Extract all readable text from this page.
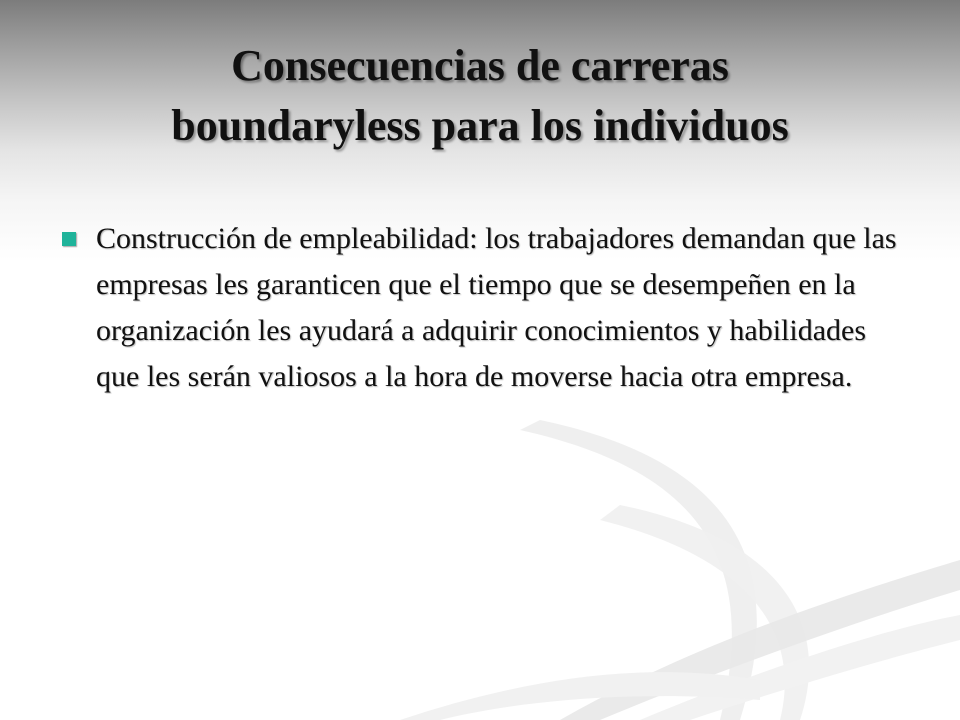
Consecuencias de carreras
boundaryless para los individuos
Construcción de empleabilidad: los trabajadores demandan que las empresas les garanticen que el tiempo que se desempeñen en la organización les ayudará a adquirir conocimientos y habilidades que les serán valiosos a la hora de moverse hacia otra empresa.
